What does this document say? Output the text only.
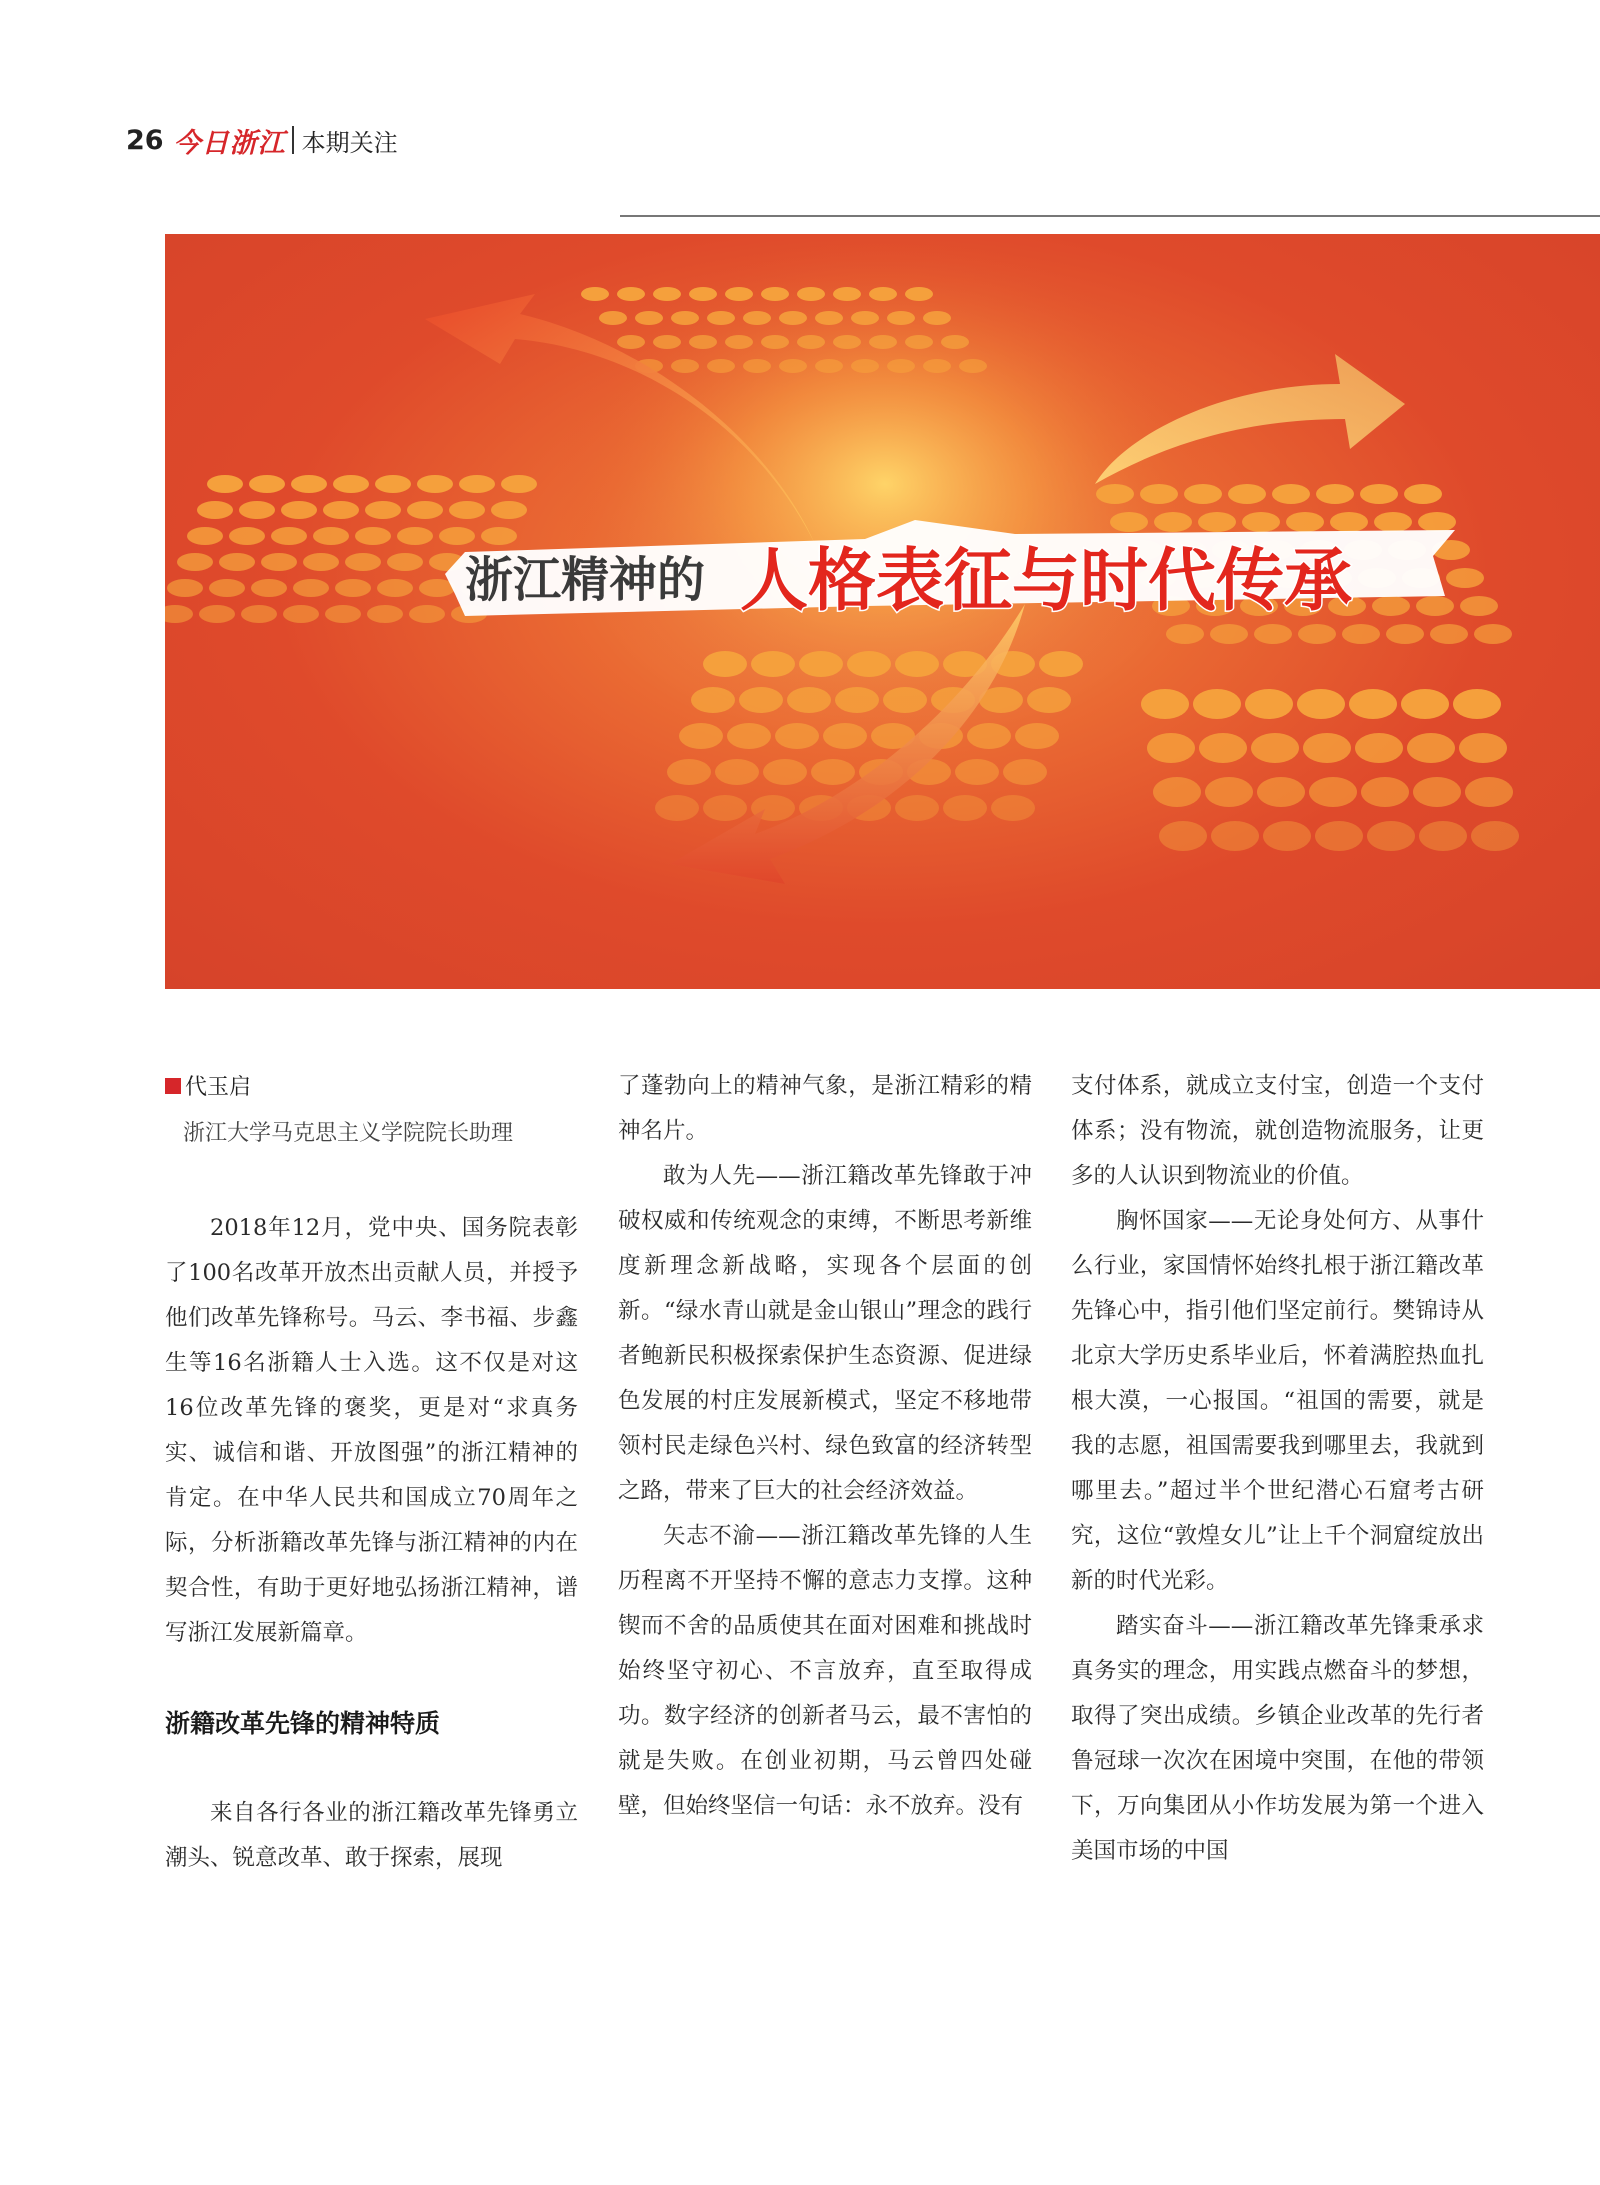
26 今日浙江 本期关注
浙江精神的 人格表征与时代传承
代玉启
浙江大学马克思主义学院院长助理

2018年12月，党中央、国务院表彰了100名改革开放杰出贡献人员，并授予他们改革先锋称号。马云、李书福、步鑫生等16名浙籍人士入选。这不仅是对这16位改革先锋的褒奖，更是对“求真务实、诚信和谐、开放图强”的浙江精神的肯定。在中华人民共和国成立70周年之际，分析浙籍改革先锋与浙江精神的内在契合性，有助于更好地弘扬浙江精神，谱写浙江发展新篇章。

浙籍改革先锋的精神特质

来自各行各业的浙江籍改革先锋勇立潮头、锐意改革、敢于探索，展现

了蓬勃向上的精神气象，是浙江精彩的精神名片。

敢为人先——浙江籍改革先锋敢于冲破权威和传统观念的束缚，不断思考新维度新理念新战略，实现各个层面的创新。“绿水青山就是金山银山”理念的践行者鲍新民积极探索保护生态资源、促进绿色发展的村庄发展新模式，坚定不移地带领村民走绿色兴村、绿色致富的经济转型之路，带来了巨大的社会经济效益。

矢志不渝——浙江籍改革先锋的人生历程离不开坚持不懈的意志力支撑。这种锲而不舍的品质使其在面对困难和挑战时始终坚守初心、不言放弃，直至取得成功。数字经济的创新者马云，最不害怕的就是失败。在创业初期，马云曾四处碰壁，但始终坚信一句话：永不放弃。没有

支付体系，就成立支付宝，创造一个支付体系；没有物流，就创造物流服务，让更多的人认识到物流业的价值。

胸怀国家——无论身处何方、从事什么行业，家国情怀始终扎根于浙江籍改革先锋心中，指引他们坚定前行。樊锦诗从北京大学历史系毕业后，怀着满腔热血扎根大漠，一心报国。“祖国的需要，就是我的志愿，祖国需要我到哪里去，我就到哪里去。”超过半个世纪潜心石窟考古研究，这位“敦煌女儿”让上千个洞窟绽放出新的时代光彩。

踏实奋斗——浙江籍改革先锋秉承求真务实的理念，用实践点燃奋斗的梦想，取得了突出成绩。乡镇企业改革的先行者鲁冠球一次次在困境中突围，在他的带领下，万向集团从小作坊发展为第一个进入美国市场的中国
